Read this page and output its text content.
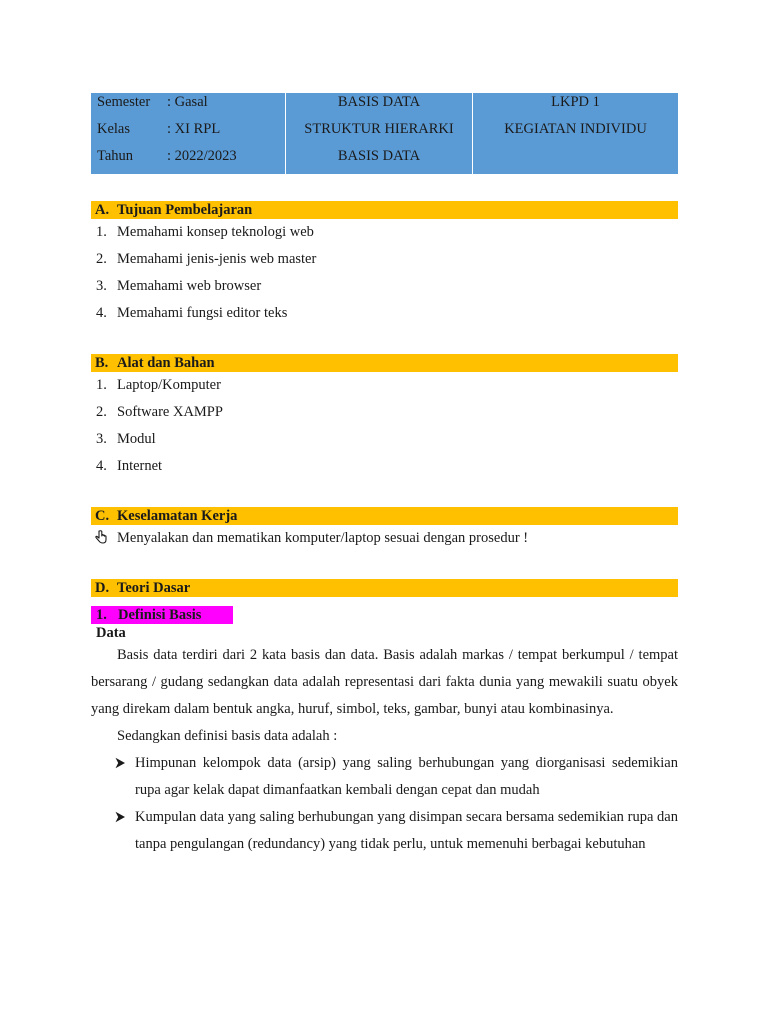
Semester : Gasal
Kelas	: XI RPL
Tahun : 2022/2023
BASIS DATA
STRUKTUR HIERARKI
BASIS DATA
LKPD 1
KEGIATAN INDIVIDU
A. Tujuan Pembelajaran
1. Memahami konsep teknologi web
2. Memahami jenis-jenis web master
3. Memahami web browser
4. Memahami fungsi editor teks
B. Alat dan Bahan
1. Laptop/Komputer
2. Software XAMPP
3. Modul
4. Internet
C. Keselamatan Kerja
Menyalakan dan mematikan komputer/laptop sesuai dengan prosedur !
D. Teori Dasar
1. Definisi Basis Data

Basis data terdiri dari 2 kata basis dan data. Basis adalah markas / tempat berkumpul / tempat bersarang / gudang sedangkan data adalah representasi dari fakta dunia yang mewakili suatu obyek yang direkam dalam bentuk angka, huruf, simbol, teks, gambar, bunyi atau kombinasinya.

Sedangkan definisi basis data adalah :
Himpunan kelompok data (arsip) yang saling berhubungan yang diorganisasi sedemikian rupa agar kelak dapat dimanfaatkan kembali dengan cepat dan mudah
Kumpulan data yang saling berhubungan yang disimpan secara bersama sedemikian rupa dan tanpa pengulangan (redundancy) yang tidak perlu, untuk memenuhi berbagai kebutuhan
